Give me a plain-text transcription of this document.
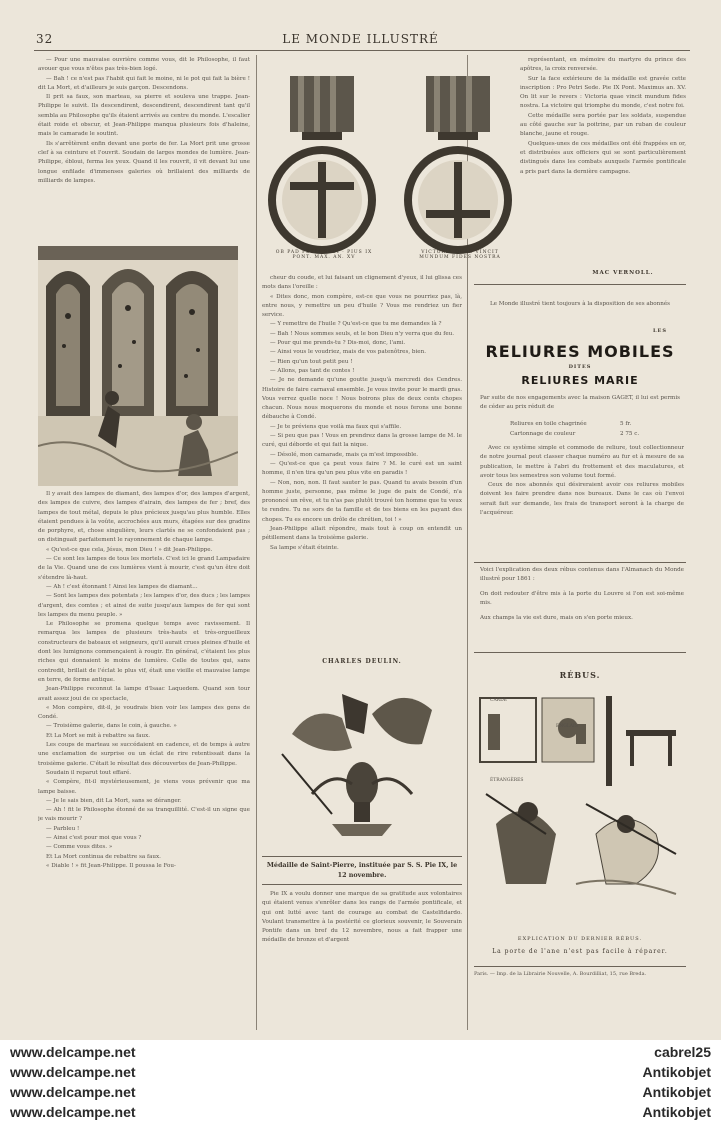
32	LE MONDE ILLUSTRÉ

— Pour une mauvaise ouvrière comme vous, dit le Philosophe, il faut avouer que vous n'êtes pas très-bien logé.

— Bah ! ce n'est pas l'habit qui fait le moine, ni le pot qui fait la bière ! dit La Mort, et d'ailleurs je suis garçon. Descendons.

Il prit sa faux, son marteau, sa pierre et souleva une trappe. Jean-Philippe le suivit. Ils descendirent, descendirent, descendirent tant qu'il sembla au Philosophe qu'ils étaient arrivés au centre du monde. L'escalier était roide et obscur, et Jean-Philippe manqua plusieurs fois d'haleine, mais le camarade le soutint.

Ils s'arrêtèrent enfin devant une porte de fer. La Mort prit une grosse clef à sa ceinture et l'ouvrit. Soudain de larges mondes de lumière. Jean-Philippe, ébloui, ferma les yeux. Quand il les rouvrit, il vit devant lui une longue enfilade d'immenses galeries où brillaient des milliards de milliards de lampes.

Il y avait des lampes de diamant, des lampes d'or, des lampes d'argent, des lampes de cuivre, des lampes d'airain, des lampes de fer ; bref, des lampes de tout métal, depuis le plus précieux jusqu'au plus humble. Elles étaient pendues à la voûte, accrochées aux murs, étagées sur des gradins de porphyre, et, chose singulière, leurs clartés ne se confondaient pas ; on distinguait parfaitement le rayonnement de chaque lampe.

« Qu'est-ce que cela, Jésus, mon Dieu ! » dit Jean-Philippe.

— Ce sont les lampes de tous les mortels. C'est ici le grand Lampadaire de la Vie. Quand une de ces lumières vient à mourir, c'est qu'un être doit s'étendre là-haut.

— Ah ! c'est étonnant ! Ainsi les lampes de diamant...

— Sont les lampes des potentats ; les lampes d'or, des ducs ; les lampes d'argent, des comtes ; et ainsi de suite jusqu'aux lampes de fer qui sont les lampes du menu peuple. »

Le Philosophe se promena quelque temps avec ravissement. Il remarqua les lampes de plusieurs très-hauts et très-orgueilleux constructeurs de bateaux et seigneurs, qu'il aurait crues pleines d'huile et dont les lumignons commençaient à rougir. En général, c'étaient les plus riches qui donnaient le moins de lumière. Celle de toutes qui, sans contredit, brillait de l'éclat le plus vif, était une vieille et mauvaise lampe en terre, de forme antique.

Jean-Philippe reconnut la lampe d'Isaac Laquedem. Quand son tour avait assez joui de ce spectacle,

« Mon compère, dit-il, je voudrais bien voir les lampes des gens de Condé.

— Troisième galerie, dans le coin, à gauche. »

Et La Mort se mit à rebattre sa faux.

Les coups de marteau se succédaient en cadence, et de temps à autre une exclamation de surprise ou un éclat de rire retentissait dans la troisième galerie. C'était le résultat des découvertes de Jean-Philippe.

Soudain il reparut tout effaré.

« Compère, fit-il mystérieusement, je viens vous prévenir que ma lampe baisse.

— Je le sais bien, dit La Mort, sans se déranger.

— Ah ! fit le Philosophe étonné de sa tranquillité. C'est-il un signe que je vais mourir ?

— Parbleu !

— Ainsi c'est pour moi que vous ?

— Comme vous dites. »

Et La Mort continua de rebattre sa faux.

« Diable ! » fit Jean-Philippe. Il poussa le Fou-

OB PAD PETRI SEDI · PIUS IX PONT. MAX. AN. XV
VICTORIA QUAE VINCIT MUNDUM FIDES NOSTRA

cheur du coude, et lui faisant un clignement d'yeux, il lui glissa ces mots dans l'oreille :

« Dites donc, mon compère, est-ce que vous ne pourriez pas, là, entre nous, y remettre un peu d'huile ? Vous me rendriez un fier service.

— Y remettre de l'huile ? Qu'est-ce que tu me demandes là ?

— Bah ! Nous sommes seuls, et le bon Dieu n'y verra que du feu.

— Pour qui me prends-tu ? Dis-moi, donc, l'ami.

— Ainsi vous le voudriez, mais de vos patenôtres, bien.

— Rien qu'un tout petit peu !

— Allons, pas tant de contes !

— Je ne demande qu'une goutte jusqu'à mercredi des Cendres. Histoire de faire carnaval ensemble. Je vous invite pour le mardi gras. Vous verrez quelle noce ! Nous boirons plus de deux cents chopes chacun. Nous nous moquerons du monde et nous ferons une bonne débauche à Condé.

— Je te préviens que voilà ma faux qui s'affile.

— Si peu que pas ! Vous en prendrez dans la grosse lampe de M. le curé, qui déborde et qui fait la nique.

— Désolé, mon camarade, mais ça m'est impossible.

— Qu'est-ce que ça peut vous faire ? M. le curé est un saint homme, il n'en tira qu'un peu plus vite en paradis !

— Non, non, non. Il faut sauter le pas. Quand tu avais besoin d'un homme juste, personne, pas même le juge de paix de Condé, n'a prononcé un rêve, et tu n'as pas plutôt trouvé ton homme que tu veux te rendre. Tu ne sors de ta famille et de tes biens en les payant des chopes. Tu es encore un drôle de chrétien, toi ! »

Jean-Philippe allait répondre, mais tout à coup on entendit un pétillement dans la troisième galerie.

Sa lampe s'était éteinte.

CHARLES DEULIN.
Médaille de Saint-Pierre, instituée par S. S. Pie IX, le 12 novembre.

Pie IX a voulu donner une marque de sa gratitude aux volontaires qui étaient venus s'enrôler dans les rangs de l'armée pontificale, et qui ont lutté avec tant de courage au combat de Castelfidardo. Voulant transmettre à la postérité ce glorieux souvenir, le Souverain Pontife dans un bref du 12 novembre, nous a fait frapper une médaille de bronze et d'argent

représentant, en mémoire du martyre du prince des apôtres, la croix renversée.

Sur la face extérieure de la médaille est gravée cette inscription : Pro Petri Sede. Pie IX Pont. Maximus an. XV. On lit sur le revers : Victoria quae vincit mundum fides nostra. La victoire qui triomphe du monde, c'est notre foi.

Cette médaille sera portée par les soldats, suspendue au côté gauche sur la poitrine, par un ruban de couleur blanche, jaune et rouge.

Quelques-unes de ces médailles ont été frappées en or, et distribuées aux officiers qui se sont particulièrement distingués dans les combats auxquels l'armée pontificale a pris part dans la dernière campagne.

MAC VERNOLL.
Le Monde illustré tient toujours à la disposition de ses abonnés
LES
RELIURES MOBILES
DITES
RELIURES MARIE
Par suite de nos engagements avec la maison GAGET, il lui est permis de céder au prix réduit de
Reliures en toile chagrinée	5 fr.
Cartonnage de couleur	2 75 c.

Avec ce système simple et commode de reliure, tout collectionneur de notre journal peut classer chaque numéro au fur et à mesure de sa publication, le mettre à l'abri du frottement et des maculatures, et avoir tous les semestres son volume tout formé.

Ceux de nos abonnés qui désireraient avoir ces reliures mobiles doivent les faire prendre dans nos bureaux. Dans le cas où l'envoi serait fait sur demande, les frais de transport seront à la charge de l'acquéreur.

Voici l'explication des deux rébus contenus dans l'Almanach du Monde illustré pour 1861 :
On doit redouter d'être mis à la porte du Louvre si l'on est soi-même mis.
Aux champs la vie est dure, mais on s'en porte mieux.
RÉBUS.
CARDE
ENGLAIS
ÉTRANGÈRES
EXPLICATION DU DERNIER RÉBUS.
La porte de l'ane n'est pas facile à réparer.
Paris. — Imp. de la Librairie Nouvelle, A. Bourdilliat, 15, rue Breda.
www.delcampe.net
www.delcampe.net
www.delcampe.net
www.delcampe.net
cabrel25
Antikobjet
Antikobjet
Antikobjet
